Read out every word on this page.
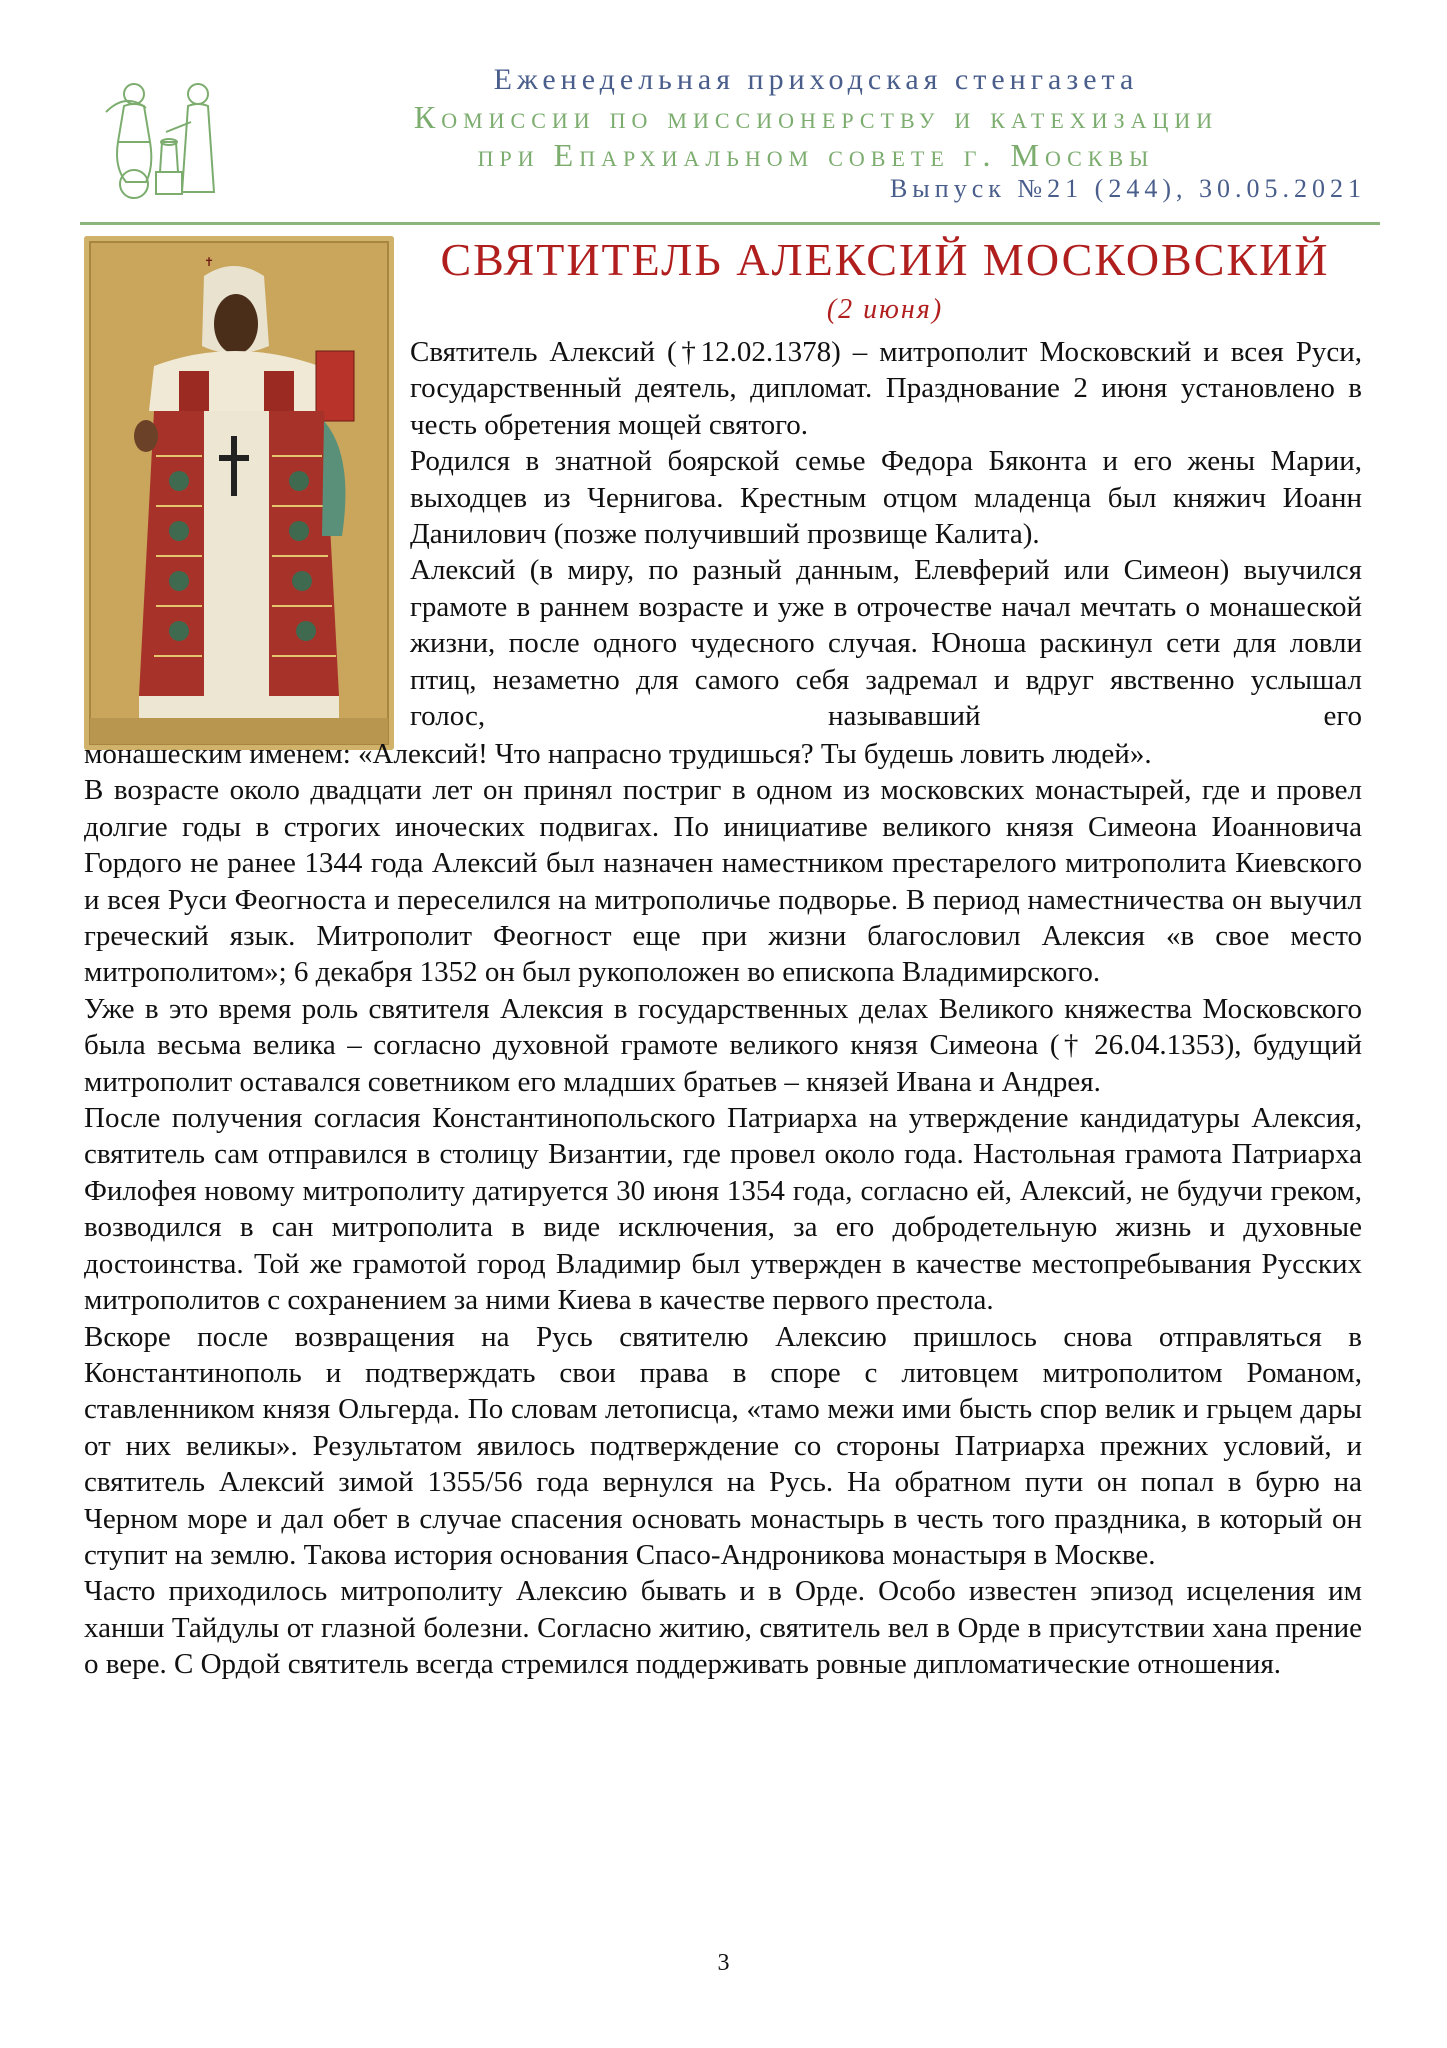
Еженедельная приходская стенгазета
Комиссии по миссионерству и катехизации
при Епархиальном совете г. Москвы
Выпуск №21 (244), 30.05.2021
✝	СВЯТИТЕЛЬ АЛЕКСИЙ МОСКОВСКИЙ
(2 июня)

Святитель Алексий (†12.02.1378) – митрополит Московский и всея Руси, государственный деятель, дипломат. Празднование 2 июня установлено в честь обретения мощей святого.

Родился в знатной боярской семье Федора Бяконта и его жены Марии, выходцев из Чернигова. Крестным отцом младенца был княжич Иоанн Данилович (позже получивший прозвище Калита).

Алексий (в миру, по разный данным, Елевферий или Симеон) выучился грамоте в раннем возрасте и уже в отрочестве начал мечтать о монашеской жизни, после одного чудесного случая. Юноша раскинул сети для ловли птиц, незаметно для самого себя задремал и вдруг явственно услышал голос, называвший его

монашеским именем: «Алексий! Что напрасно трудишься? Ты будешь ловить людей».

В возрасте около двадцати лет он принял постриг в одном из московских монастырей, где и провел долгие годы в строгих иноческих подвигах. По инициативе великого князя Симеона Иоанновича Гордого не ранее 1344 года Алексий был назначен наместником престарелого митрополита Киевского и всея Руси Феогноста и переселился на митрополичье подворье. В период наместничества он выучил греческий язык. Митрополит Феогност еще при жизни благословил Алексия «в свое место митрополитом»; 6 декабря 1352 он был рукоположен во епископа Владимирского.

Уже в это время роль святителя Алексия в государственных делах Великого княжества Московского была весьма велика – согласно духовной грамоте великого князя Симеона († 26.04.1353), будущий митрополит оставался советником его младших братьев – князей Ивана и Андрея.

После получения согласия Константинопольского Патриарха на утверждение кандидатуры Алексия, святитель сам отправился в столицу Византии, где провел около года. Настольная грамота Патриарха Филофея новому митрополиту датируется 30 июня 1354 года, согласно ей, Алексий, не будучи греком, возводился в сан митрополита в виде исключения, за его добродетельную жизнь и духовные достоинства. Той же грамотой город Владимир был утвержден в качестве местопребывания Русских митрополитов с сохранением за ними Киева в качестве первого престола.

Вскоре после возвращения на Русь святителю Алексию пришлось снова отправляться в Константинополь и подтверждать свои права в споре с литовцем митрополитом Романом, ставленником князя Ольгерда. По словам летописца, «тамо межи ими бысть спор велик и грьцем дары от них великы». Результатом явилось подтверждение со стороны Патриарха прежних условий, и святитель Алексий зимой 1355/56 года вернулся на Русь. На обратном пути он попал в бурю на Черном море и дал обет в случае спасения основать монастырь в честь того праздника, в который он ступит на землю. Такова история основания Спасо-Андроникова монастыря в Москве.

Часто приходилось митрополиту Алексию бывать и в Орде. Особо известен эпизод исцеления им ханши Тайдулы от глазной болезни. Согласно житию, святитель вел в Орде в присутствии хана прение о вере. С Ордой святитель всегда стремился поддерживать ровные дипломатические отношения.

3
